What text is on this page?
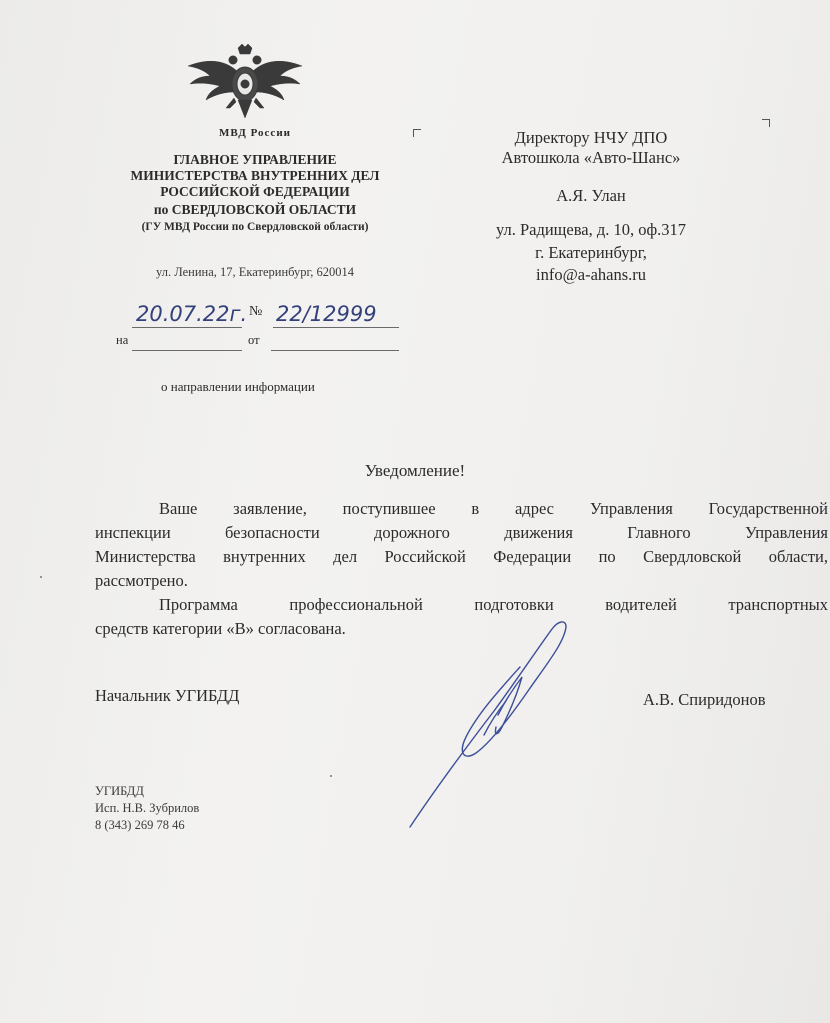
МВД России
ГЛАВНОЕ УПРАВЛЕНИЕ
МИНИСТЕРСТВА ВНУТРЕННИХ ДЕЛ
РОССИЙСКОЙ ФЕДЕРАЦИИ
по СВЕРДЛОВСКОЙ ОБЛАСТИ
(ГУ МВД России по Свердловской области)
ул. Ленина, 17, Екатеринбург, 620014
20.07.22г. № 22/12999
на	от
о направлении информации
Директору НЧУ ДПО
Автошкола «Авто-Шанс»
А.Я. Улан
ул. Радищева, д. 10, оф.317
г. Екатеринбург,
info@a-ahans.ru
Уведомление!
Ваше заявление, поступившее в адрес Управления Государственной
инспекции безопасности дорожного движения Главного Управления
Министерства внутренних дел Российской Федерации по Свердловской области,
рассмотрено.
Программа профессиональной подготовки водителей транспортных
средств категории «В» согласована.
Начальник УГИБДД	А.В. Спиридонов
УГИБДД
Исп. Н.В. Зубрилов
8 (343) 269 78 46
